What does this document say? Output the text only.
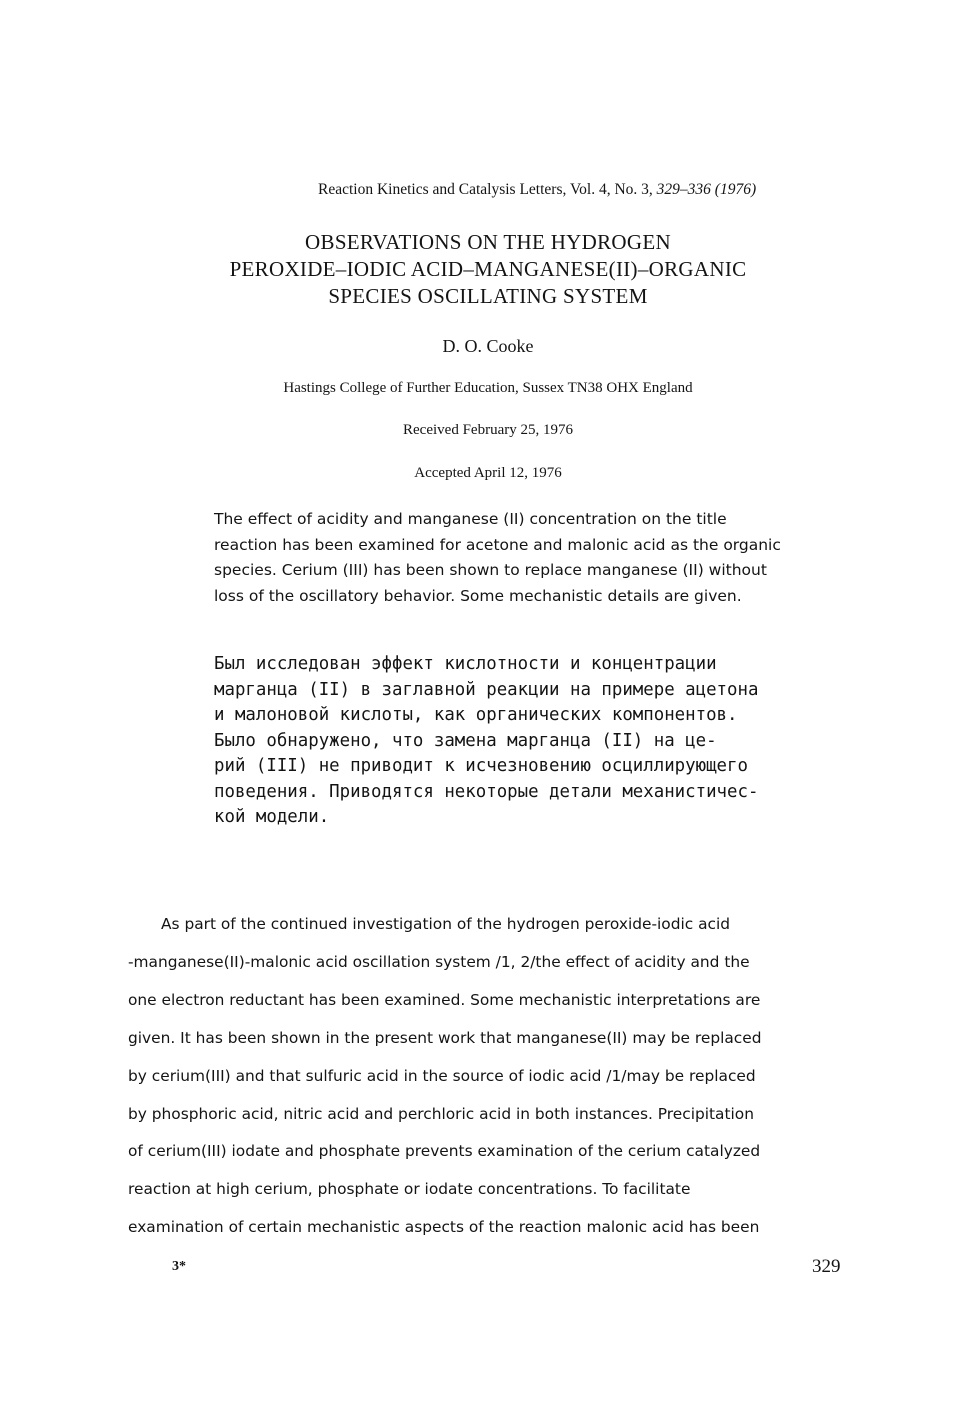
Reaction Kinetics and Catalysis Letters, Vol. 4, No. 3, 329–336 (1976)
OBSERVATIONS ON THE HYDROGEN
PEROXIDE–IODIC ACID–MANGANESE(II)–ORGANIC
SPECIES OSCILLATING SYSTEM
D. O. Cooke
Hastings College of Further Education, Sussex TN38 OHX England
Received February 25, 1976
Accepted April 12, 1976
The effect of acidity and manganese (II) concentration on the title
reaction has been examined for acetone and malonic acid as the organic
species. Cerium (III) has been shown to replace manganese (II) without
loss of the oscillatory behavior. Some mechanistic details are given.
Был исследован эффект кислотности и концентрации
марганца (II) в заглавной реакции на примере ацетона
и малоновой кислоты, как органических компонентов.
Было обнаружено, что замена марганца (II) на це-
рий (III) не приводит к исчезновению осциллирующего
поведения. Приводятся некоторые детали механистичес-
кой модели.
As part of the continued investigation of the hydrogen peroxide-iodic acid
-manganese(II)-malonic acid oscillation system /1, 2/the effect of acidity and the
one electron reductant has been examined. Some mechanistic interpretations are
given. It has been shown in the present work that manganese(II) may be replaced
by cerium(III) and that sulfuric acid in the source of iodic acid /1/may be replaced
by phosphoric acid, nitric acid and perchloric acid in both instances. Precipitation
of cerium(III) iodate and phosphate prevents examination of the cerium catalyzed
reaction at high cerium, phosphate or iodate concentrations. To facilitate
examination of certain mechanistic aspects of the reaction malonic acid has been
3*	329
